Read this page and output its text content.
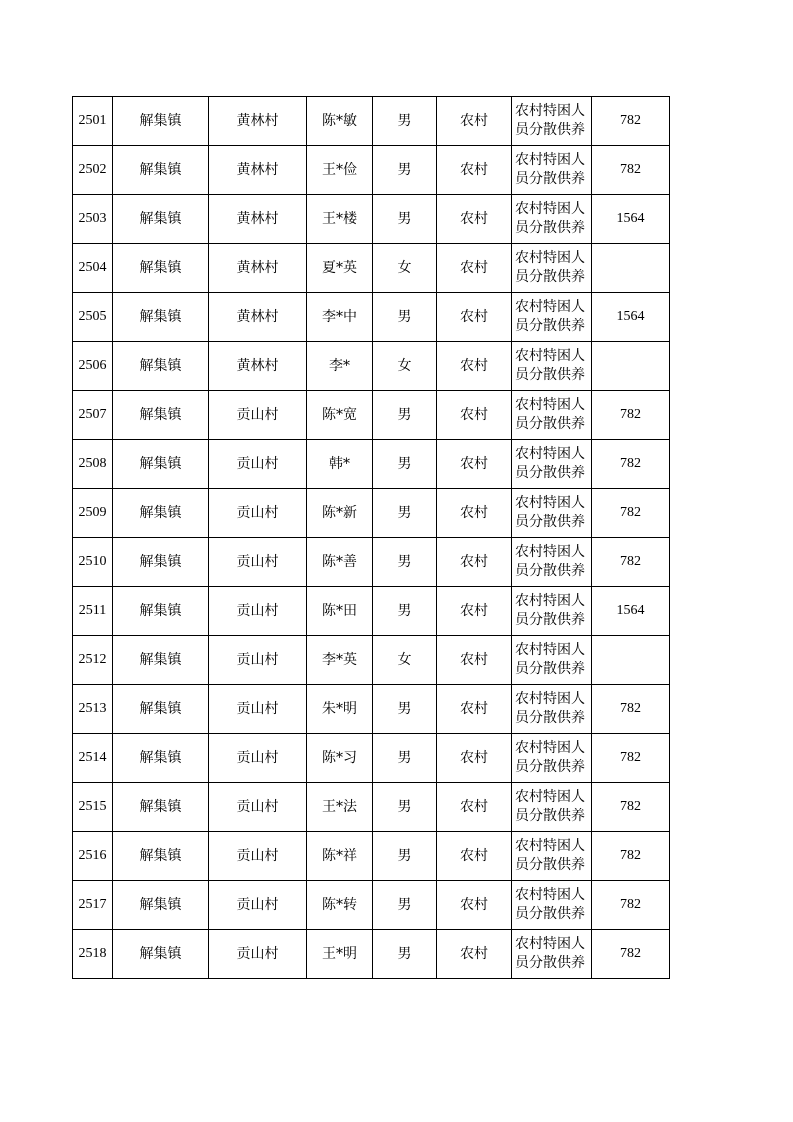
2501	解集镇	黄林村	陈*敏	男	农村	农村特困人
员分散供养	782
2502	解集镇	黄林村	王*俭	男	农村	农村特困人
员分散供养	782
2503	解集镇	黄林村	王*楼	男	农村	农村特困人
员分散供养	1564
2504	解集镇	黄林村	夏*英	女	农村	农村特困人
员分散供养	

2505	解集镇	黄林村	李*中	男	农村	农村特困人
员分散供养	1564
2506	解集镇	黄林村	李*	女	农村	农村特困人
员分散供养	

2507	解集镇	贡山村	陈*宽	男	农村	农村特困人
员分散供养	782
2508	解集镇	贡山村	韩*	男	农村	农村特困人
员分散供养	782
2509	解集镇	贡山村	陈*新	男	农村	农村特困人
员分散供养	782
2510	解集镇	贡山村	陈*善	男	农村	农村特困人
员分散供养	782
2511	解集镇	贡山村	陈*田	男	农村	农村特困人
员分散供养	1564
2512	解集镇	贡山村	李*英	女	农村	农村特困人
员分散供养	

2513	解集镇	贡山村	朱*明	男	农村	农村特困人
员分散供养	782
2514	解集镇	贡山村	陈*习	男	农村	农村特困人
员分散供养	782
2515	解集镇	贡山村	王*法	男	农村	农村特困人
员分散供养	782
2516	解集镇	贡山村	陈*祥	男	农村	农村特困人
员分散供养	782
2517	解集镇	贡山村	陈*转	男	农村	农村特困人
员分散供养	782
2518	解集镇	贡山村	王*明	男	农村	农村特困人
员分散供养	782
